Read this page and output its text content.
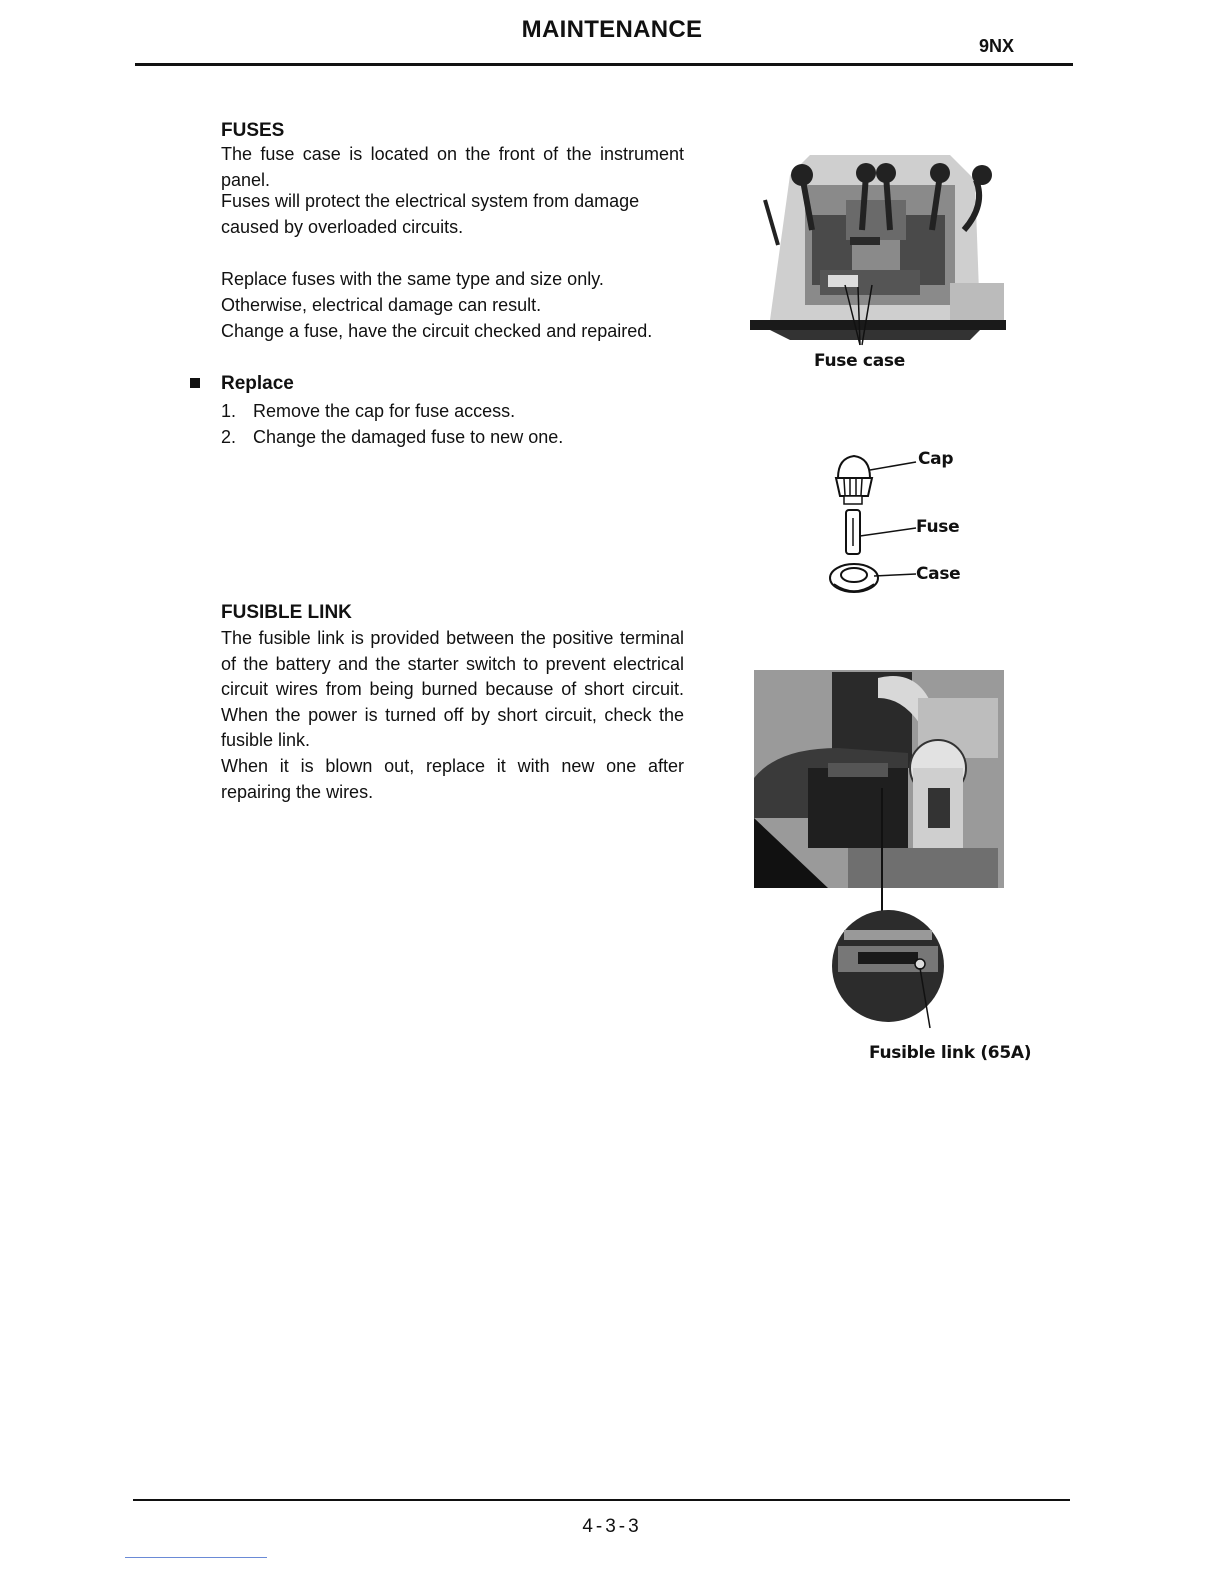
MAINTENANCE
9NX
FUSES
The fuse case is located on the front of the instrument panel.
Fuses will protect the electrical system from damage caused by overloaded circuits.
Replace fuses with the same type and size only.
Otherwise, electrical damage can result.
Change a fuse, have the circuit checked and repaired.
Replace
1. Remove the cap for fuse access.
2. Change the damaged fuse to new one.
FUSIBLE LINK
The fusible link is provided between the positive terminal of the battery and the starter switch to prevent electrical circuit wires from being burned because of short circuit. When the power is turned off by short circuit, check the fusible link.
When it is blown out, replace it with new one after repairing the wires.
Fuse case
Cap
Fuse
Case
Fusible link (65A)
4-3-3
